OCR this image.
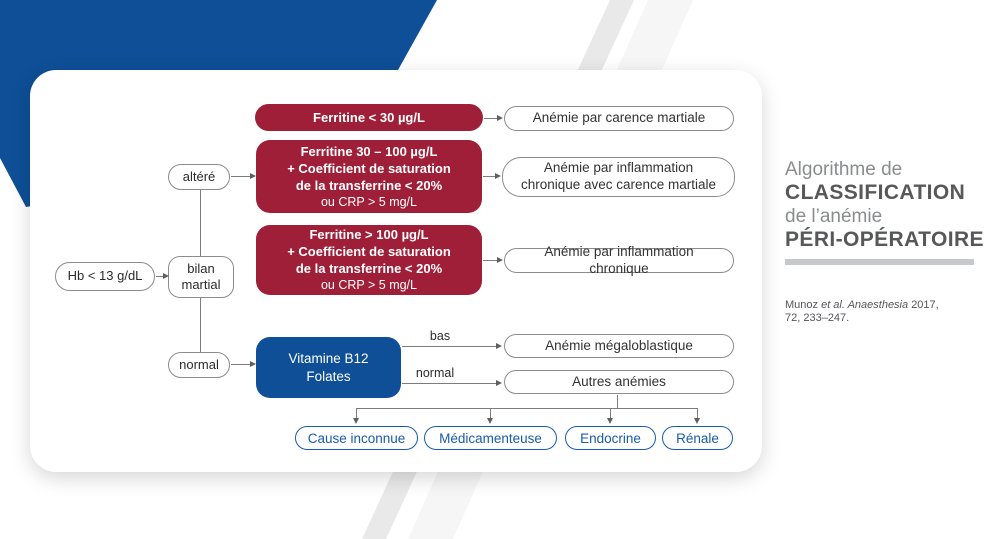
Hb < 13 g/dL	bilan
martial
altéré
normal
Ferritine < 30 µg/L
Ferritine 30 – 100 µg/L
+ Coefficient de saturation
de la transferrine < 20%
ou CRP > 5 mg/L
Ferritine > 100 µg/L
+ Coefficient de saturation
de la transferrine < 20%
ou CRP > 5 mg/L
Vitamine B12
Folates
Anémie par carence martiale
Anémie par inflammation chronique avec carence martiale
Anémie par inflammation chronique
Anémie mégaloblastique
Autres anémies
Cause inconnue	Médicamenteuse	Endocrine	Rénale
bas
normal
Algorithme de
CLASSIFICATION
de l’anémie
PÉRI-OPÉRATOIRE
Munoz et al. Anaesthesia 2017,
72, 233–247.
